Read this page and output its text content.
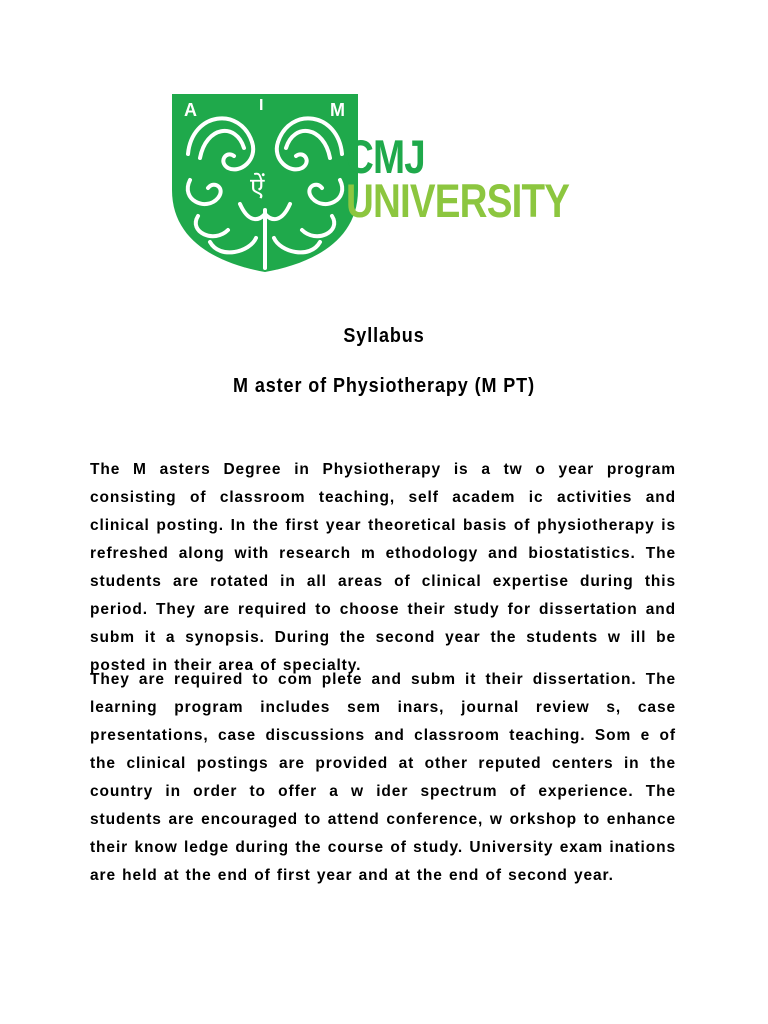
A	I	M
ऐं
CMJ
UNIVERSITY
Syllabus
M aster of Physiotherapy (M PT)

The M asters Degree in Physiotherapy is a tw o year program consisting of classroom teaching, self academ ic activities and clinical posting. In the first year theoretical basis of physiotherapy is refreshed along with research m ethodology and biostatistics. The students are rotated in all areas of clinical expertise during this period. They are required to choose their study for dissertation and subm it a synopsis. During the second year the students w ill be posted in their area of specialty.

They are required to com plete and subm it their dissertation. The learning program includes sem inars, journal review s, case presentations, case discussions and classroom teaching. Som e of the clinical postings are provided at other reputed centers in the country in order to offer a w ider spectrum of experience. The students are encouraged to attend conference, w orkshop to enhance their know ledge during the course of study. University exam inations are held at the end of first year and at the end of second year.
